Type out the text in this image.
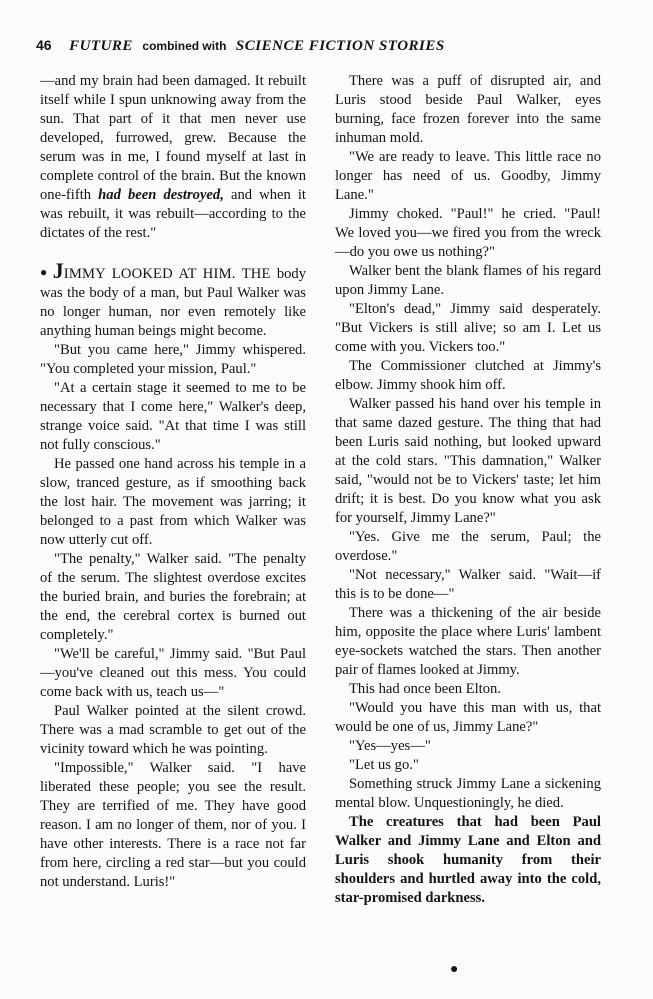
46 FUTURE combined with SCIENCE FICTION STORIES

—and my brain had been damaged. It rebuilt itself while I spun unknowing away from the sun. That part of it that men never use developed, furrowed, grew. Because the serum was in me, I found myself at last in complete control of the brain. But the known one-fifth had been destroyed, and when it was rebuilt, it was rebuilt—according to the dictates of the rest."

● JIMMY LOOKED AT HIM. THE body was the body of a man, but Paul Walker was no longer human, nor even remotely like anything human beings might become.

"But you came here," Jimmy whispered. "You completed your mission, Paul."

"At a certain stage it seemed to me to be necessary that I come here," Walker's deep, strange voice said. "At that time I was still not fully conscious."

He passed one hand across his temple in a slow, tranced gesture, as if smoothing back the lost hair. The movement was jarring; it belonged to a past from which Walker was now utterly cut off.

"The penalty," Walker said. "The penalty of the serum. The slightest overdose excites the buried brain, and buries the forebrain; at the end, the cerebral cortex is burned out completely."

"We'll be careful," Jimmy said. "But Paul—you've cleaned out this mess. You could come back with us, teach us—"

Paul Walker pointed at the silent crowd. There was a mad scramble to get out of the vicinity toward which he was pointing.

"Impossible," Walker said. "I have liberated these people; you see the result. They are terrified of me. They have good reason. I am no longer of them, nor of you. I have other interests. There is a race not far from here, circling a red star—but you could not understand. Luris!"

There was a puff of disrupted air, and Luris stood beside Paul Walker, eyes burning, face frozen forever into the same inhuman mold.

"We are ready to leave. This little race no longer has need of us. Goodby, Jimmy Lane."

Jimmy choked. "Paul!" he cried. "Paul! We loved you—we fired you from the wreck—do you owe us nothing?"

Walker bent the blank flames of his regard upon Jimmy Lane.

"Elton's dead," Jimmy said desperately. "But Vickers is still alive; so am I. Let us come with you. Vickers too."

The Commissioner clutched at Jimmy's elbow. Jimmy shook him off.

Walker passed his hand over his temple in that same dazed gesture. The thing that had been Luris said nothing, but looked upward at the cold stars. "This damnation," Walker said, "would not be to Vickers' taste; let him drift; it is best. Do you know what you ask for yourself, Jimmy Lane?"

"Yes. Give me the serum, Paul; the overdose."

"Not necessary," Walker said. "Wait—if this is to be done—"

There was a thickening of the air beside him, opposite the place where Luris' lambent eye-sockets watched the stars. Then another pair of flames looked at Jimmy.

This had once been Elton.

"Would you have this man with us, that would be one of us, Jimmy Lane?"

"Yes—yes—"

"Let us go."

Something struck Jimmy Lane a sickening mental blow. Unquestioningly, he died.

The creatures that had been Paul Walker and Jimmy Lane and Elton and Luris shook humanity from their shoulders and hurtled away into the cold, star-promised darkness.

●
